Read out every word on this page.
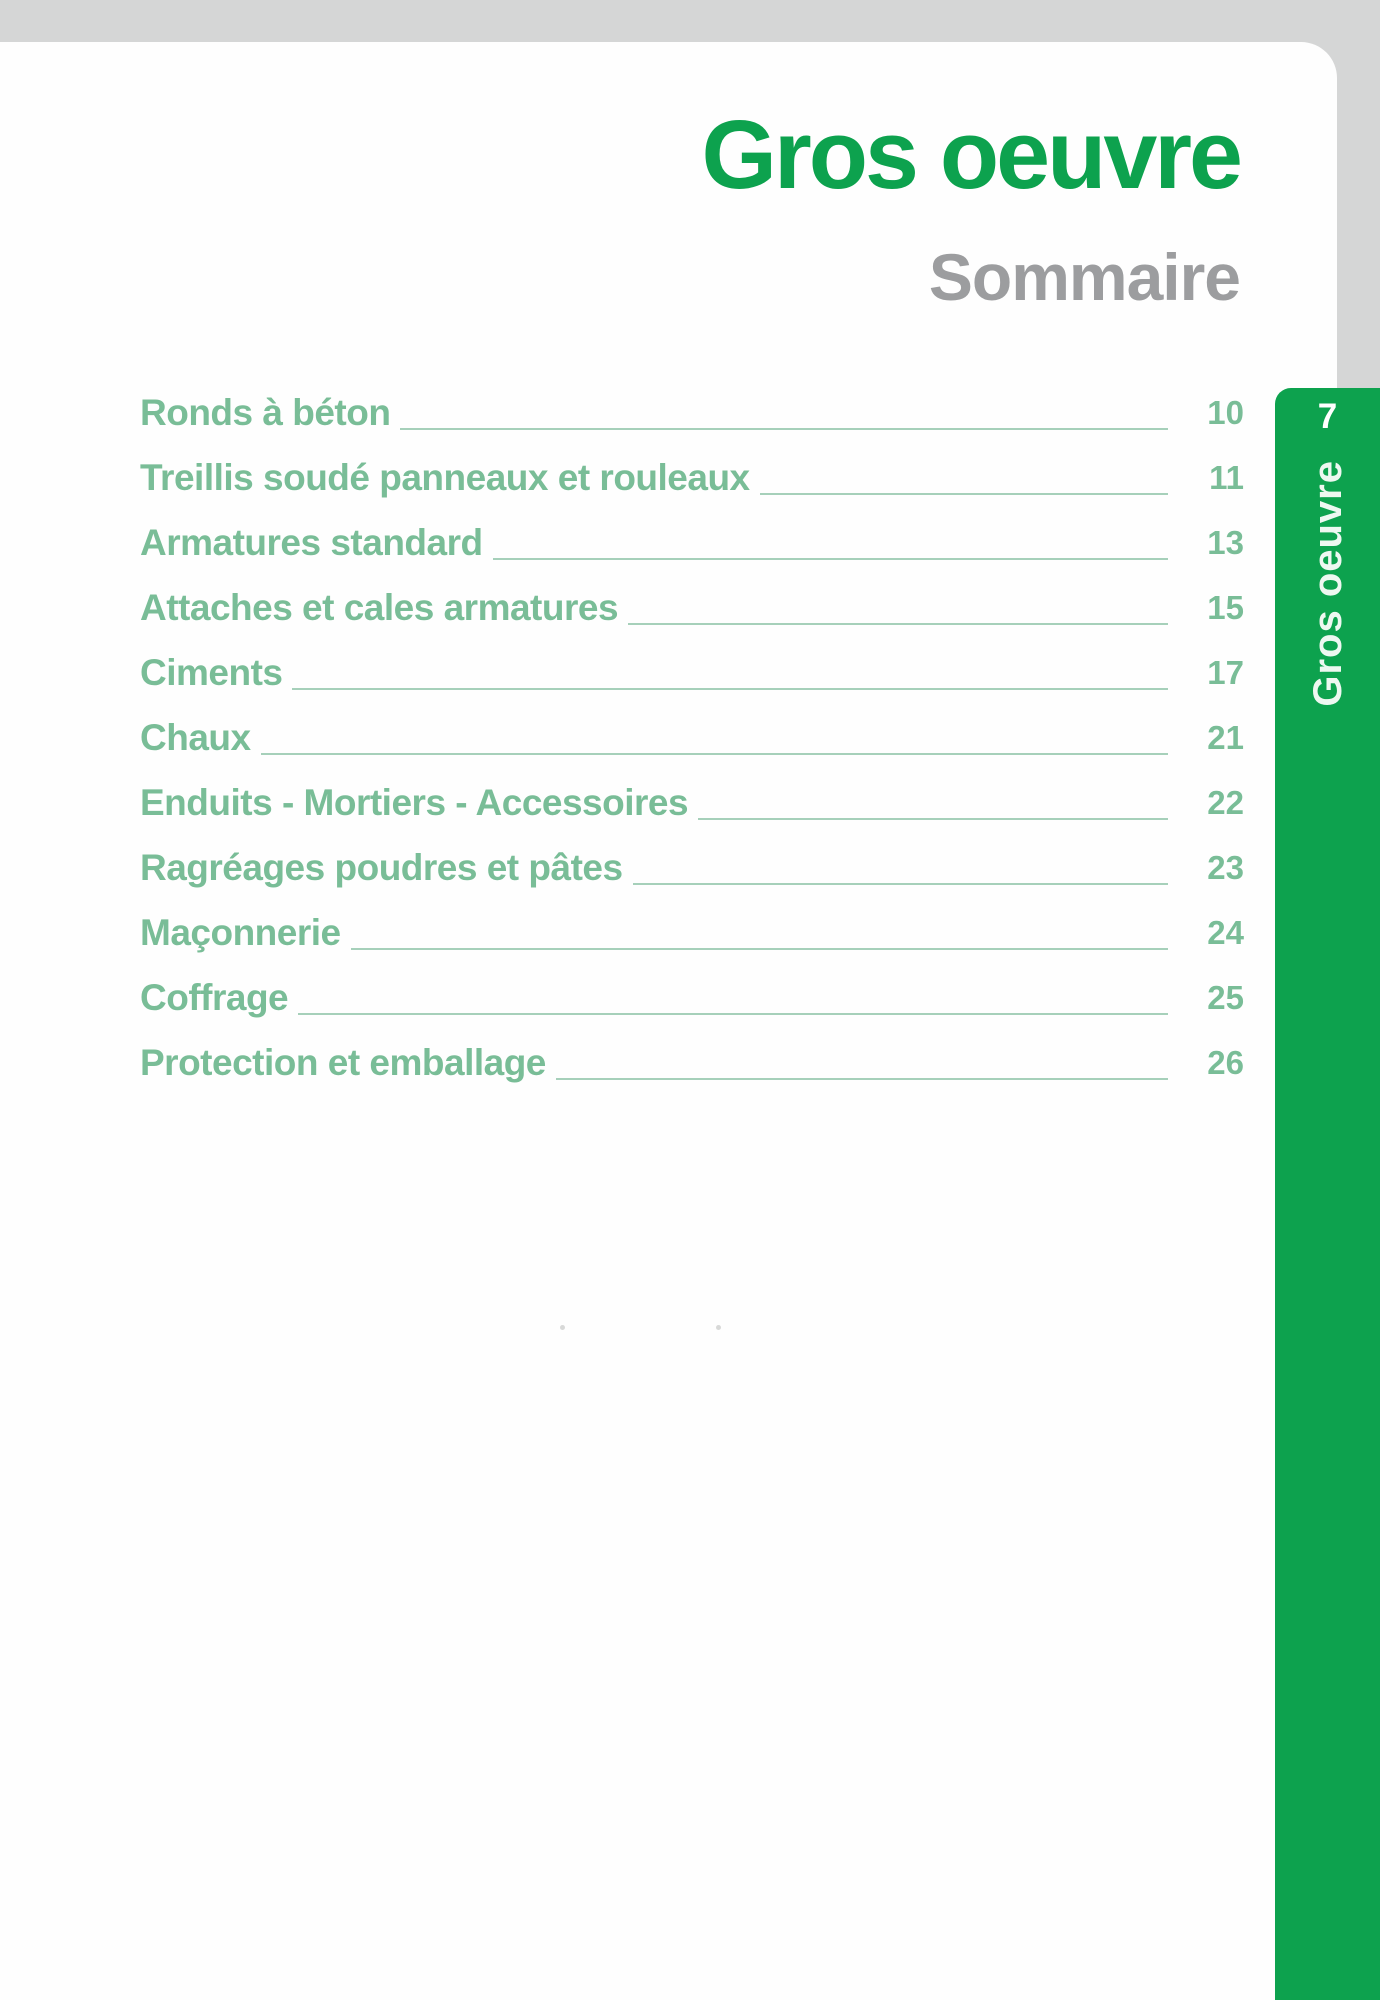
Gros oeuvre
Sommaire
Ronds à béton	10
Treillis soudé panneaux et rouleaux	11
Armatures standard	13
Attaches et cales armatures	15
Ciments	17
Chaux	21
Enduits - Mortiers - Accessoires	22
Ragréages poudres et pâtes	23
Maçonnerie	24
Coffrage	25
Protection et emballage	26
7
Gros oeuvre
